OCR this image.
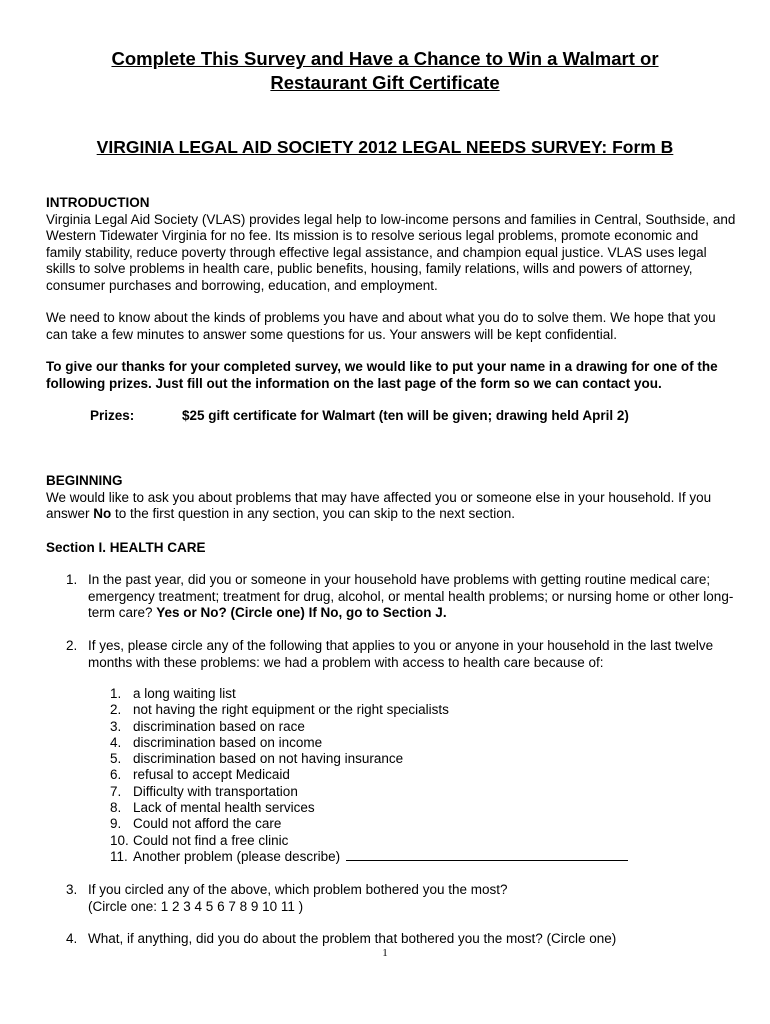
Complete This Survey and Have a Chance to Win a Walmart or
Restaurant Gift Certificate
VIRGINIA LEGAL AID SOCIETY 2012 LEGAL NEEDS SURVEY: Form B
INTRODUCTION
Virginia Legal Aid Society (VLAS) provides legal help to low-income persons and families in Central, Southside, and Western Tidewater Virginia for no fee. Its mission is to resolve serious legal problems, promote economic and family stability, reduce poverty through effective legal assistance, and champion equal justice. VLAS uses legal skills to solve problems in health care, public benefits, housing, family relations, wills and powers of attorney, consumer purchases and borrowing, education, and employment.
We need to know about the kinds of problems you have and about what you do to solve them. We hope that you can take a few minutes to answer some questions for us. Your answers will be kept confidential.
To give our thanks for your completed survey, we would like to put your name in a drawing for one of the following prizes. Just fill out the information on the last page of the form so we can contact you.
Prizes:	$25 gift certificate for Walmart (ten will be given; drawing held April 2)
BEGINNING
We would like to ask you about problems that may have affected you or someone else in your household. If you answer No to the first question in any section, you can skip to the next section.
Section I. HEALTH CARE
1. In the past year, did you or someone in your household have problems with getting routine medical care; emergency treatment; treatment for drug, alcohol, or mental health problems; or nursing home or other long-term care? Yes or No? (Circle one) If No, go to Section J.
2. If yes, please circle any of the following that applies to you or anyone in your household in the last twelve months with these problems: we had a problem with access to health care because of:
1. a long waiting list
2. not having the right equipment or the right specialists
3. discrimination based on race
4. discrimination based on income
5. discrimination based on not having insurance
6. refusal to accept Medicaid
7. Difficulty with transportation
8. Lack of mental health services
9. Could not afford the care
10. Could not find a free clinic
11. Another problem (please describe)
3. If you circled any of the above, which problem bothered you the most?
(Circle one: 1 2 3 4 5 6 7 8 9 10 11 )
4. What, if anything, did you do about the problem that bothered you the most? (Circle one)
1
